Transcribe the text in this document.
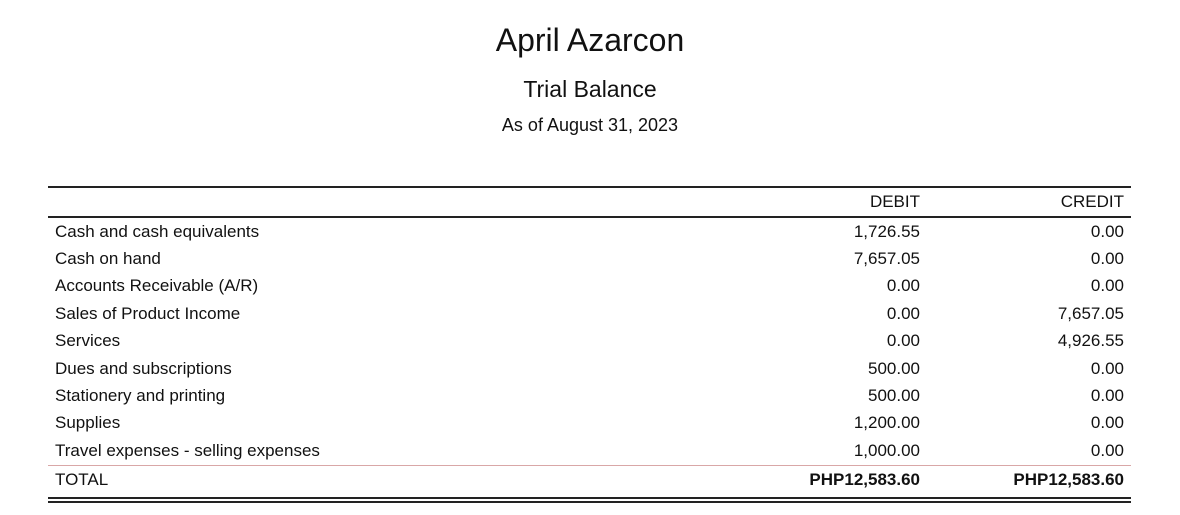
April Azarcon
Trial Balance
As of August 31, 2023
	DEBIT	CREDIT
Cash and cash equivalents	1,726.55	0.00
Cash on hand	7,657.05	0.00
Accounts Receivable (A/R)	0.00	0.00
Sales of Product Income	0.00	7,657.05
Services	0.00	4,926.55
Dues and subscriptions	500.00	0.00
Stationery and printing	500.00	0.00
Supplies	1,200.00	0.00
Travel expenses - selling expenses	1,000.00	0.00
TOTAL	PHP12,583.60	PHP12,583.60
